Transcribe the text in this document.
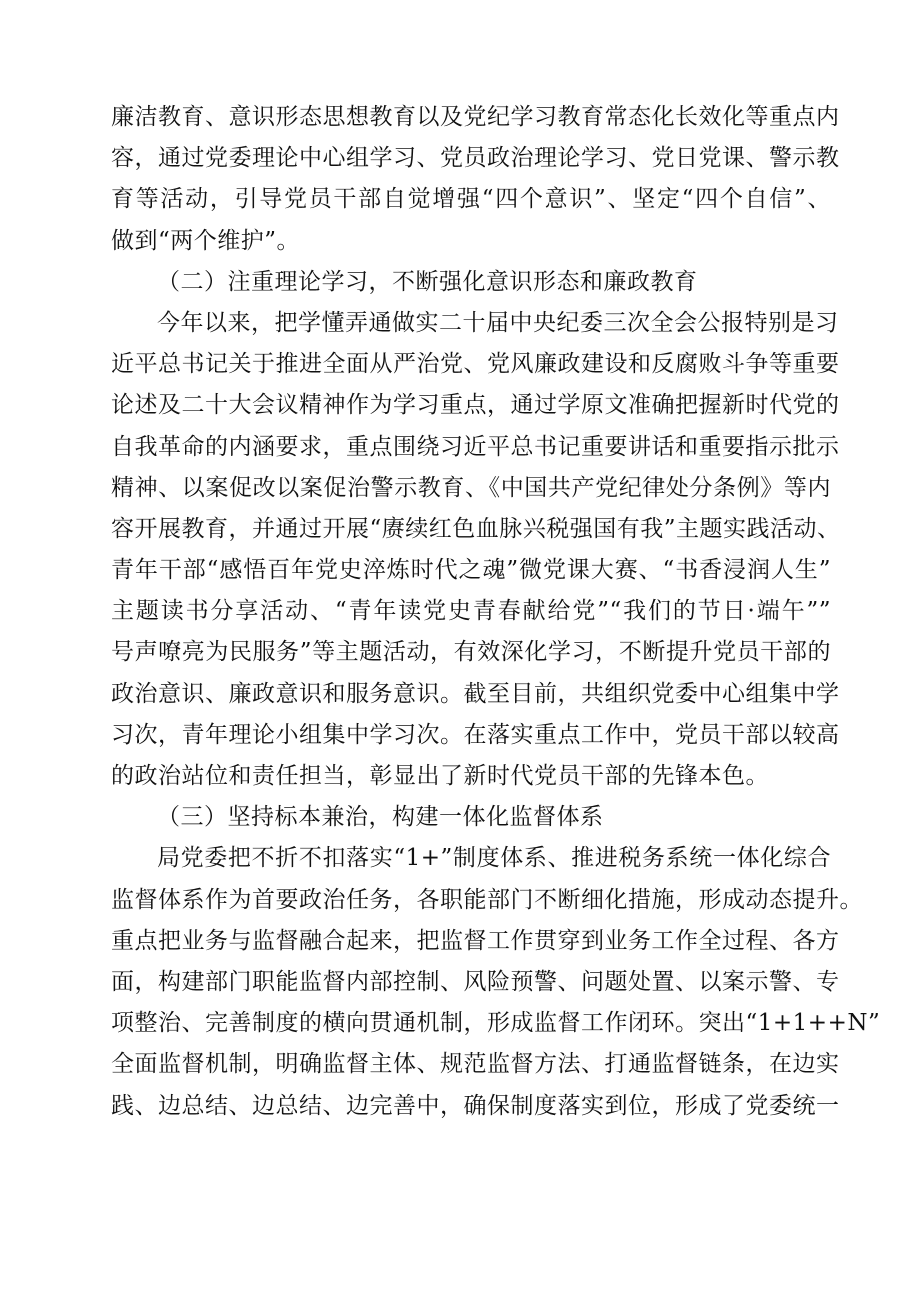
廉洁教育、意识形态思想教育以及党纪学习教育常态化长效化等重点内
容，通过党委理论中心组学习、党员政治理论学习、党日党课、警示教
育等活动，引导党员干部自觉增强“四个意识”、坚定“四个自信”、
做到“两个维护”。
（二）注重理论学习，不断强化意识形态和廉政教育
今年以来，把学懂弄通做实二十届中央纪委三次全会公报特别是习
近平总书记关于推进全面从严治党、党风廉政建设和反腐败斗争等重要
论述及二十大会议精神作为学习重点，通过学原文准确把握新时代党的
自我革命的内涵要求，重点围绕习近平总书记重要讲话和重要指示批示
精神、以案促改以案促治警示教育、《中国共产党纪律处分条例》等内
容开展教育，并通过开展“赓续红色血脉兴税强国有我”主题实践活动、
青年干部“感悟百年党史淬炼时代之魂”微党课大赛、“书香浸润人生”
主题读书分享活动、“青年读党史青春献给党”“我们的节日·端午””
号声嘹亮为民服务”等主题活动，有效深化学习，不断提升党员干部的
政治意识、廉政意识和服务意识。截至目前，共组织党委中心组集中学
习次，青年理论小组集中学习次。在落实重点工作中，党员干部以较高
的政治站位和责任担当，彰显出了新时代党员干部的先锋本色。
（三）坚持标本兼治，构建一体化监督体系
局党委把不折不扣落实“1+”制度体系、推进税务系统一体化综合
监督体系作为首要政治任务，各职能部门不断细化措施，形成动态提升。
重点把业务与监督融合起来，把监督工作贯穿到业务工作全过程、各方
面，构建部门职能监督内部控制、风险预警、问题处置、以案示警、专
项整治、完善制度的横向贯通机制，形成监督工作闭环。突出“1+1++N”
全面监督机制，明确监督主体、规范监督方法、打通监督链条，在边实
践、边总结、边总结、边完善中，确保制度落实到位，形成了党委统一
